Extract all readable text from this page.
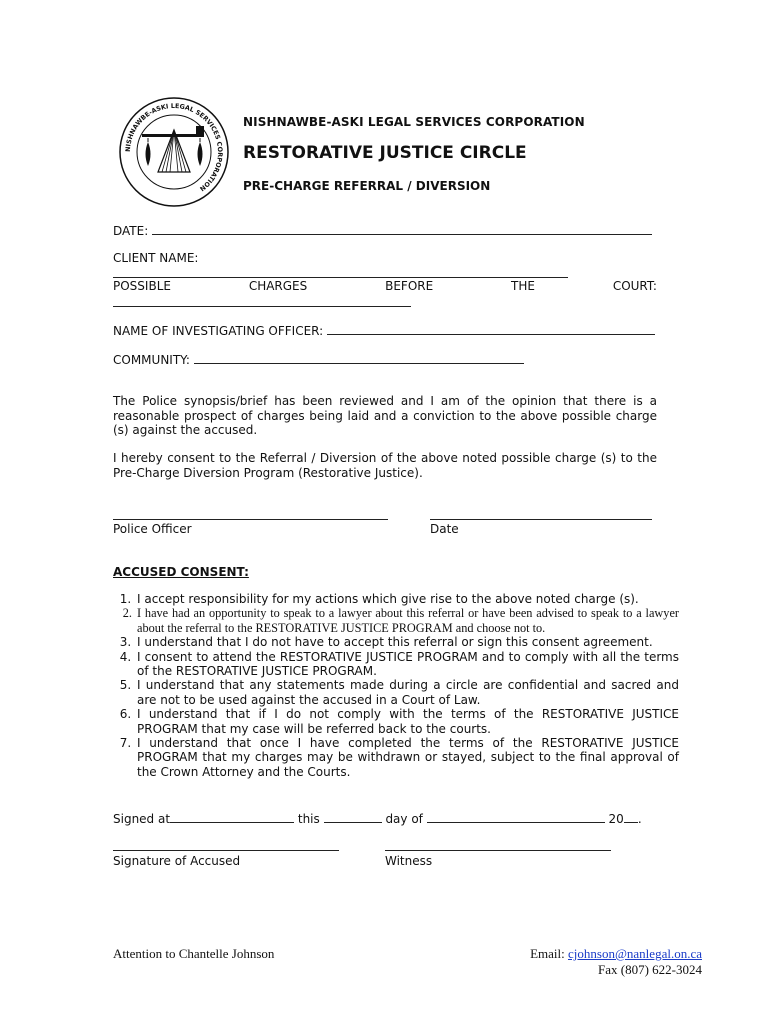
NISHNAWBE-ASKI LEGAL SERVICES CORPORATION
NISHNAWBE-ASKI LEGAL SERVICES CORPORATION
RESTORATIVE JUSTICE CIRCLE
PRE-CHARGE REFERRAL / DIVERSION
DATE:
CLIENT NAME:
POSSIBLE	CHARGES	BEFORE	THE	COURT:
NAME OF INVESTIGATING OFFICER:
COMMUNITY:
The Police synopsis/brief has been reviewed and I am of the opinion that there is a reasonable prospect of charges being laid and a conviction to the above possible charge (s) against the accused.
I hereby consent to the Referral / Diversion of the above noted possible charge (s) to the Pre-Charge Diversion Program (Restorative Justice).
Police Officer	Date
ACCUSED CONSENT:
1. I accept responsibility for my actions which give rise to the above noted charge (s).
2. I have had an opportunity to speak to a lawyer about this referral or have been advised to speak to a lawyer about the referral to the RESTORATIVE JUSTICE PROGRAM and choose not to.
3. I understand that I do not have to accept this referral or sign this consent agreement.
4. I consent to attend the RESTORATIVE JUSTICE PROGRAM and to comply with all the terms of the RESTORATIVE JUSTICE PROGRAM.
5. I understand that any statements made during a circle are confidential and sacred and are not to be used against the accused in a Court of Law.
6. I understand that if I do not comply with the terms of the RESTORATIVE JUSTICE PROGRAM that my case will be referred back to the courts.
7. I understand that once I have completed the terms of the RESTORATIVE JUSTICE PROGRAM that my charges may be withdrawn or stayed, subject to the final approval of the Crown Attorney and the Courts.
Signed at	this	day of	20 .
Signature of Accused	Witness
Attention to Chantelle Johnson	Email: cjohnson@nanlegal.on.ca
Fax (807) 622-3024
